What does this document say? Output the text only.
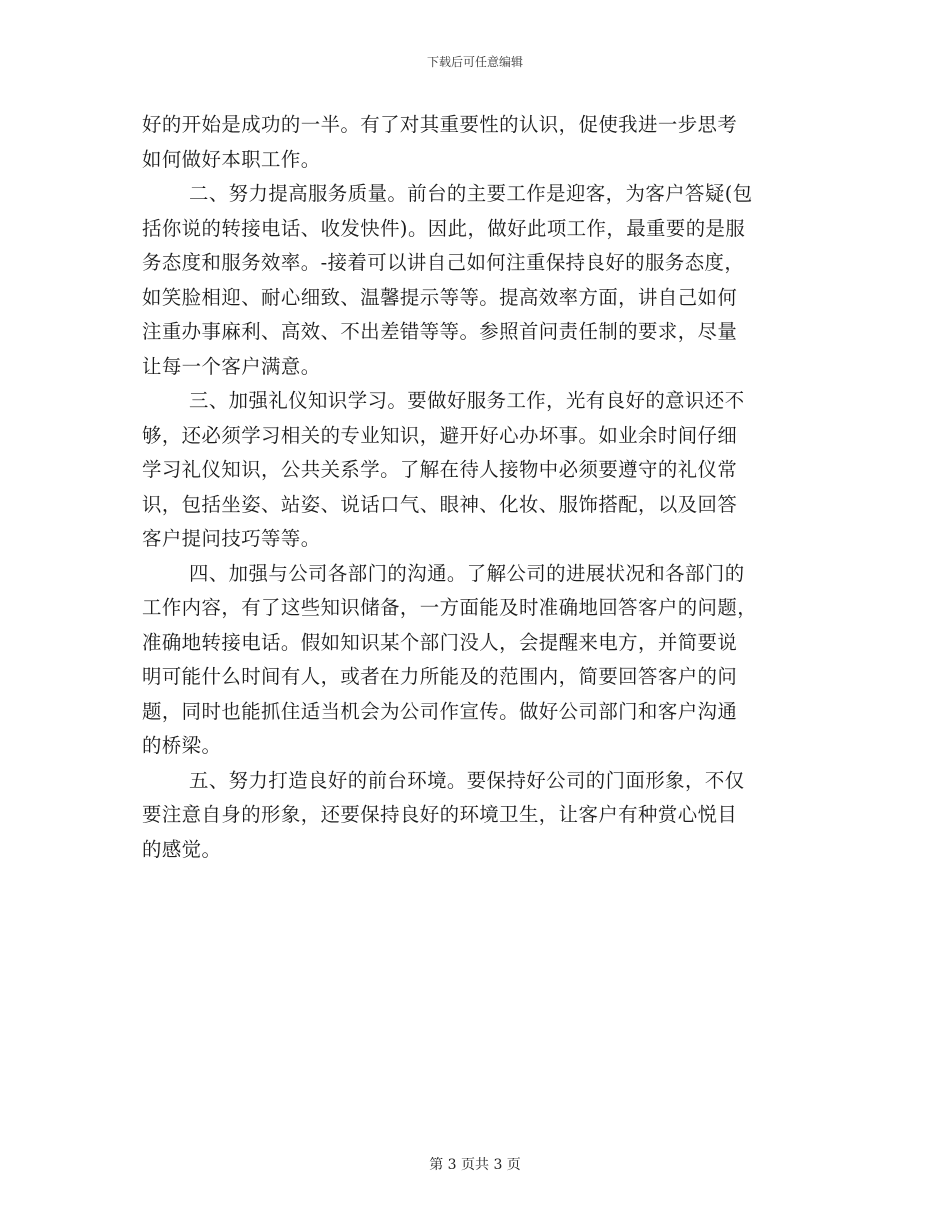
下载后可任意编辑
好的开始是成功的一半。有了对其重要性的认识，促使我进一步思考
如何做好本职工作。
二、努力提高服务质量。前台的主要工作是迎客，为客户答疑(包
括你说的转接电话、收发快件)。因此，做好此项工作，最重要的是服
务态度和服务效率。-接着可以讲自己如何注重保持良好的服务态度，
如笑脸相迎、耐心细致、温馨提示等等。提高效率方面，讲自己如何
注重办事麻利、高效、不出差错等等。参照首问责任制的要求，尽量
让每一个客户满意。
三、加强礼仪知识学习。要做好服务工作，光有良好的意识还不
够，还必须学习相关的专业知识，避开好心办坏事。如业余时间仔细
学习礼仪知识，公共关系学。了解在待人接物中必须要遵守的礼仪常
识，包括坐姿、站姿、说话口气、眼神、化妆、服饰搭配，以及回答
客户提问技巧等等。
四、加强与公司各部门的沟通。了解公司的进展状况和各部门的
工作内容，有了这些知识储备，一方面能及时准确地回答客户的问题，
准确地转接电话。假如知识某个部门没人，会提醒来电方，并简要说
明可能什么时间有人，或者在力所能及的范围内，简要回答客户的问
题，同时也能抓住适当机会为公司作宣传。做好公司部门和客户沟通
的桥梁。
五、努力打造良好的前台环境。要保持好公司的门面形象，不仅
要注意自身的形象，还要保持良好的环境卫生，让客户有种赏心悦目
的感觉。
第 3 页共 3 页
